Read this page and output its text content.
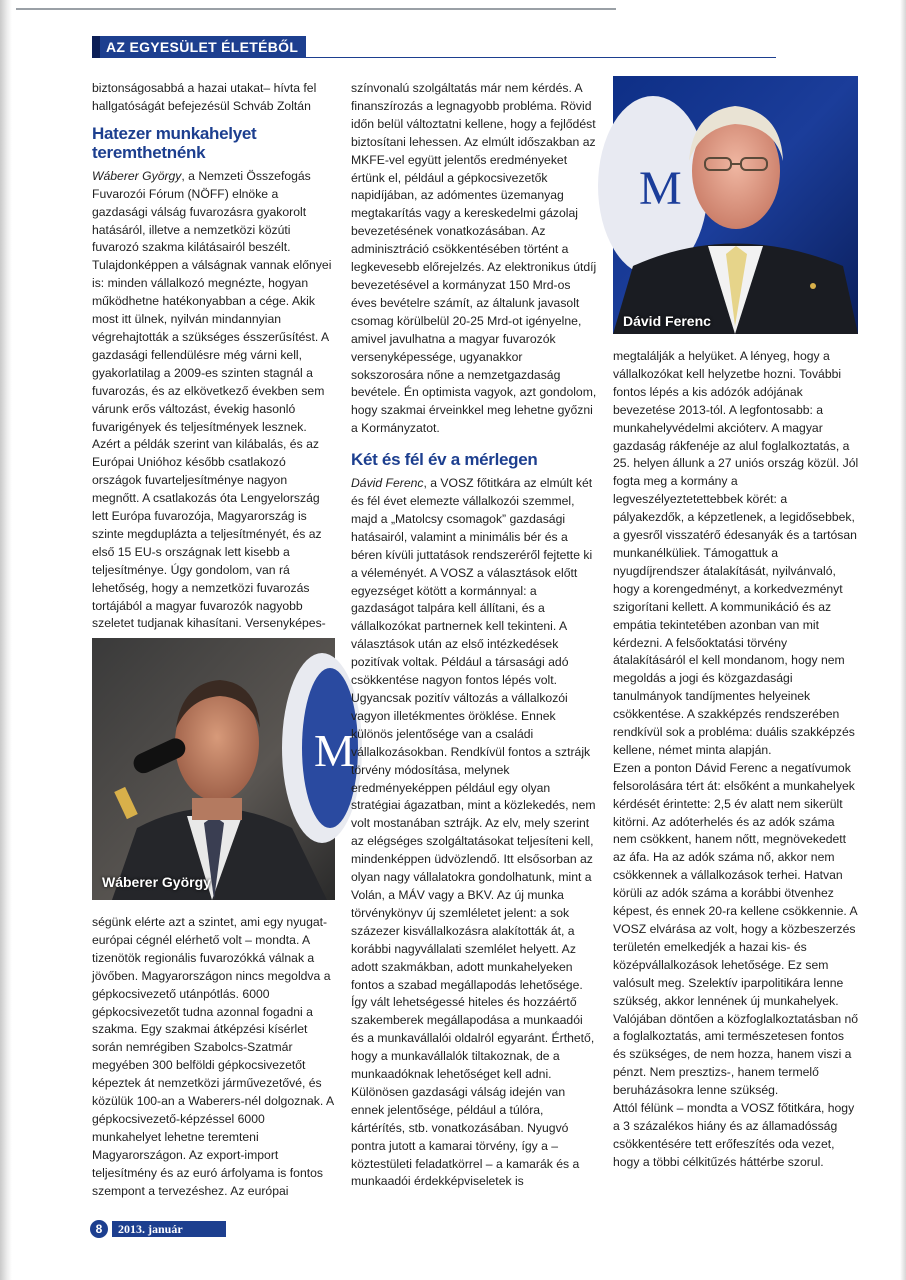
AZ EGYESÜLET ÉLETÉBŐL

biztonságosabbá a hazai utakat– hívta fel hallgatóságát befejezésül Schváb Zoltán

Hatezer munkahelyet teremthetnénk

Wáberer György, a Nemzeti Összefogás Fuvarozói Fórum (NÖFF) elnöke a gazdasági válság fuvarozásra gyakorolt hatásáról, illetve a nemzetközi közúti fuvarozó szakma kilátásairól beszélt. Tulajdonképpen a válságnak vannak előnyei is: minden vállalkozó megnézte, hogyan működhetne hatékonyabban a cége. Akik most itt ülnek, nyilván mindannyian végrehajtották a szükséges ésszerűsítést. A gazdasági fellendülésre még várni kell, gyakorlatilag a 2009-es szinten stagnál a fuvarozás, és az elkövetkező években sem várunk erős változást, évekig hasonló fuvarigények és teljesítmények lesznek. Azért a példák szerint van kilábalás, és az Európai Unióhoz később csatlakozó országok fuvarteljesítménye nagyon megnőtt. A csatlakozás óta Lengyelország lett Európa fuvarozója, Magyarország is szinte megduplázta a teljesítményét, és az első 15 EU-s országnak lett kisebb a teljesítménye. Úgy gondolom, van rá lehetőség, hogy a nemzetközi fuvarozás tortájából a magyar fuvarozók nagyobb szeletet tudjanak kihasítani. Versenyképes-

M
Wáberer György

ségünk elérte azt a szintet, ami egy nyugat-európai cégnél elérhető volt – mondta. A tizenötök regionális fuvarozókká válnak a jövőben. Magyarországon nincs megoldva a gépkocsivezető utánpótlás. 6000 gépkocsivezetőt tudna azonnal fogadni a szakma. Egy szakmai átképzési kísérlet során nemrégiben Szabolcs-Szatmár megyében 300 belföldi gépkocsivezetőt képeztek át nemzetközi járművezetővé, és közülük 100-an a Waberers-nél dolgoznak. A gépkocsivezető-képzéssel 6000 munkahelyet lehetne teremteni Magyarországon. Az export-import teljesítmény és az euró árfolyama is fontos szempont a tervezéshez. Az európai

színvonalú szolgáltatás már nem kérdés. A finanszírozás a legnagyobb probléma. Rövid időn belül változtatni kellene, hogy a fejlődést biztosítani lehessen. Az elmúlt időszakban az MKFE-vel együtt jelentős eredményeket értünk el, például a gépkocsivezetők napidíjában, az adómentes üzemanyag megtakarítás vagy a kereskedelmi gázolaj bevezetésének vonatkozásában. Az adminisztráció csökkentésében történt a legkevesebb előrejelzés. Az elektronikus útdíj bevezetésével a kormányzat 150 Mrd-os éves bevételre számít, az általunk javasolt csomag körülbelül 20-25 Mrd-ot igényelne, amivel javulhatna a magyar fuvarozók versenyképessége, ugyanakkor sokszorosára nőne a nemzetgazdaság bevétele. Én optimista vagyok, azt gondolom, hogy szakmai érveinkkel meg lehetne győzni a Kormányzatot.

Két és fél év a mérlegen

Dávid Ferenc, a VOSZ főtitkára az elmúlt két és fél évet elemezte vállalkozói szemmel, majd a „Matolcsy csomagok” gazdasági hatásairól, valamint a minimális bér és a béren kívüli juttatások rendszeréről fejtette ki a véleményét. A VOSZ a választások előtt egyezséget kötött a kormánnyal: a gazdaságot talpára kell állítani, és a vállalkozókat partnernek kell tekinteni. A választások után az első intézkedések pozitívak voltak. Például a társasági adó csökkentése nagyon fontos lépés volt. Ugyancsak pozitív változás a vállalkozói vagyon illetékmentes öröklése. Ennek különös jelentősége van a családi vállalkozásokban. Rendkívül fontos a sztrájk törvény módosítása, melynek eredményeképpen például egy olyan stratégiai ágazatban, mint a közlekedés, nem volt mostanában sztrájk. Az elv, mely szerint az elégséges szolgáltatásokat teljesíteni kell, mindenképpen üdvözlendő. Itt elsősorban az olyan nagy vállalatokra gondolhatunk, mint a Volán, a MÁV vagy a BKV. Az új munka törvénykönyv új szemléletet jelent: a sok százezer kisvállalkozásra alakították át, a korábbi nagyvállalati szemlélet helyett. Az adott szakmákban, adott munkahelyeken fontos a szabad megállapodás lehetősége. Így vált lehetségessé hiteles és hozzáértő szakemberek megállapodása a munkaadói és a munkavállalói oldalról egyaránt. Érthető, hogy a munkavállalók tiltakoznak, de a munkaadóknak lehetőséget kell adni. Különösen gazdasági válság idején van ennek jelentősége, például a túlóra, kártérítés, stb. vonatkozásában. Nyugvó pontra jutott a kamarai törvény, így a – köztestületi feladatkörrel – a kamarák és a munkaadói érdekképviseletek is

M
Dávid Ferenc

megtalálják a helyüket. A lényeg, hogy a vállalkozókat kell helyzetbe hozni. További fontos lépés a kis adózók adójának bevezetése 2013-tól. A legfontosabb: a munkahelyvédelmi akcióterv. A magyar gazdaság rákfenéje az alul foglalkoztatás, a 25. helyen állunk a 27 uniós ország közül. Jól fogta meg a kormány a legveszélyeztetettebbek körét: a pályakezdők, a képzetlenek, a legidősebbek, a gyesről visszatérő édesanyák és a tartósan munkanélküliek. Támogattuk a nyugdíjrendszer átalakítását, nyilvánvaló, hogy a korengedményt, a korkedvezményt szigorítani kellett. A kommunikáció és az empátia tekintetében azonban van mit kérdezni. A felsőoktatási törvény átalakításáról el kell mondanom, hogy nem megoldás a jogi és közgazdasági tanulmányok tandíjmentes helyeinek csökkentése. A szakképzés rendszerében rendkívül sok a probléma: duális szakképzés kellene, német minta alapján.

Ezen a ponton Dávid Ferenc a negatívumok felsorolására tért át: elsőként a munkahelyek kérdését érintette: 2,5 év alatt nem sikerült kitörni. Az adóterhelés és az adók száma nem csökkent, hanem nőtt, megnövekedett az áfa. Ha az adók száma nő, akkor nem csökkennek a vállalkozások terhei. Hatvan körüli az adók száma a korábbi ötvenhez képest, és ennek 20-ra kellene csökkennie. A VOSZ elvárása az volt, hogy a közbeszerzés területén emelkedjék a hazai kis- és középvállalkozások lehetősége. Ez sem valósult meg. Szelektív iparpolitikára lenne szükség, akkor lennének új munkahelyek. Valójában döntően a közfoglalkoztatásban nő a foglalkoztatás, ami természetesen fontos és szükséges, de nem hozza, hanem viszi a pénzt. Nem presztizs-, hanem termelő beruházásokra lenne szükség.

Attól félünk – mondta a VOSZ főtitkára, hogy a 3 százalékos hiány és az államadósság csökkentésére tett erőfeszítés oda vezet, hogy a többi célkitűzés háttérbe szorul.

8 2013. január
